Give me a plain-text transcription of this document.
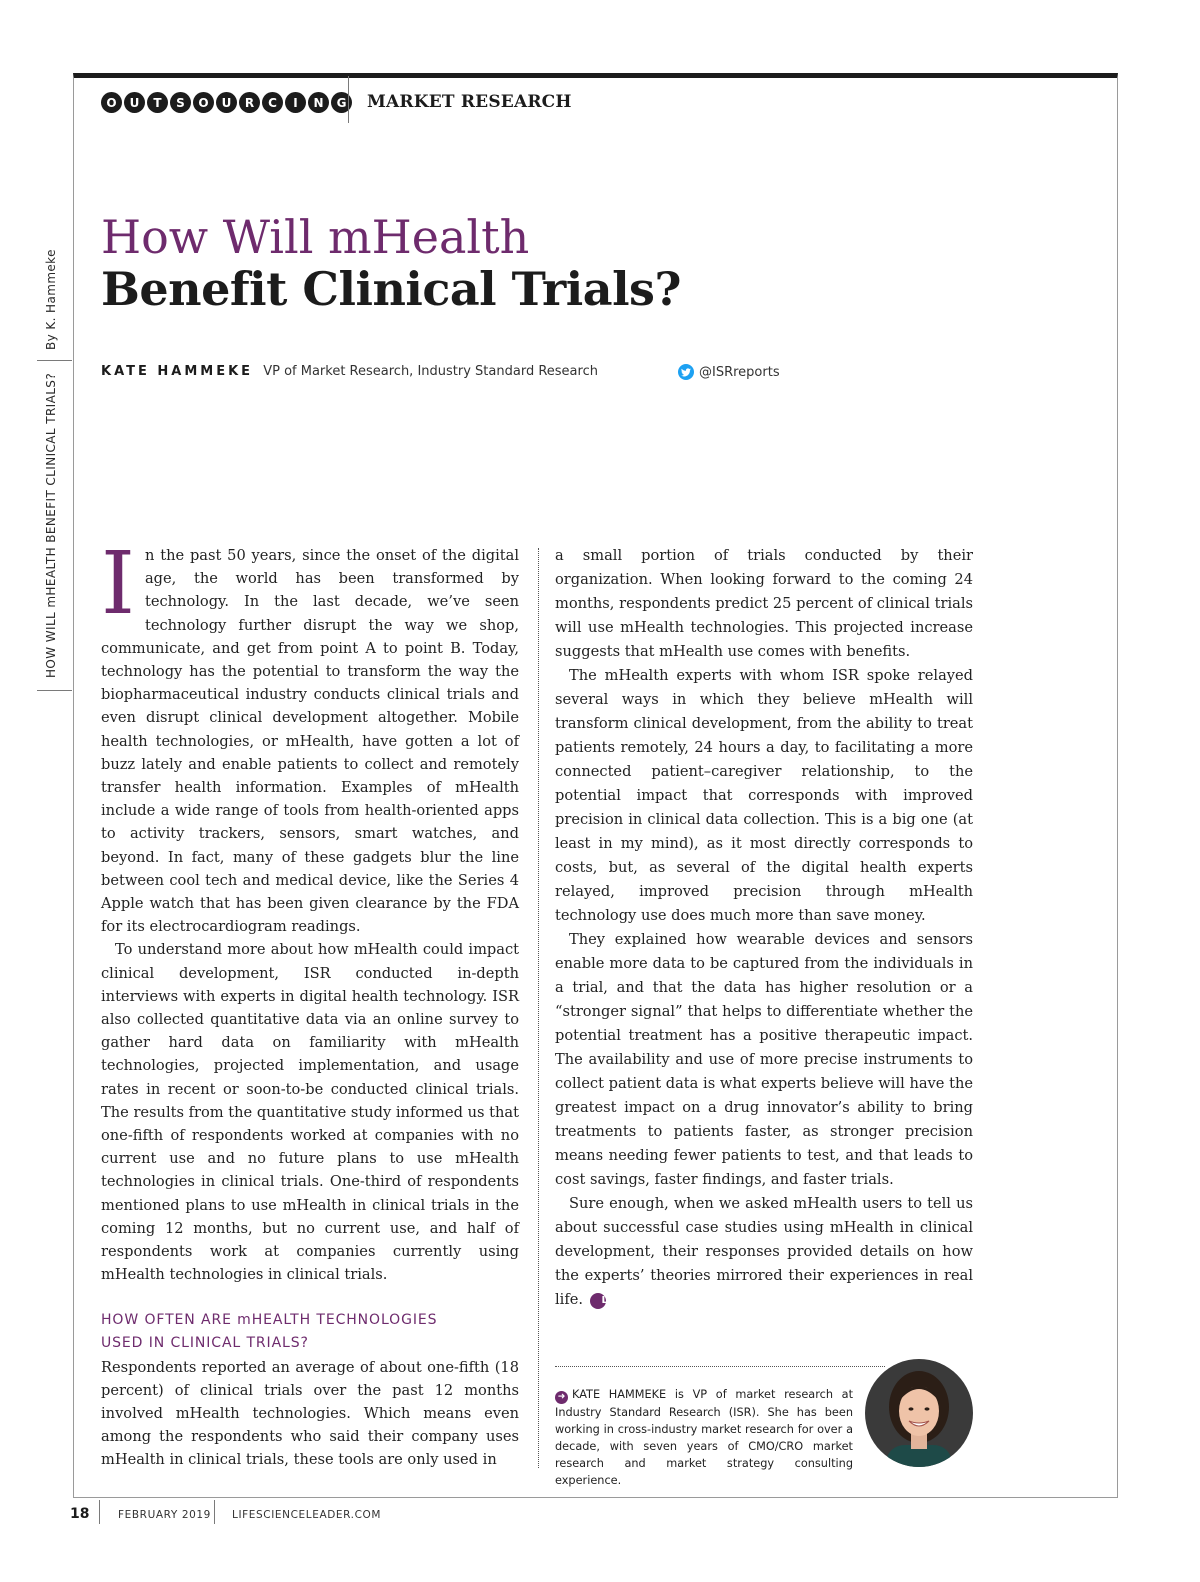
O	U	T	S	O	U	R	C	I	N	G	MARKET RESEARCH
By K. Hammeke
HOW WILL mHEALTH BENEFIT CLINICAL TRIALS?
How Will mHealth
Benefit Clinical Trials?
KATE HAMMEKE VP of Market Research, Industry Standard Research	@ISRreports
I n the past 50 years, since the onset of the digital age, the world has been transformed by technology. In the last decade, we’ve seen technology further disrupt the way we shop, communicate, and get from point A to point B. Today, technology has the potential to transform the way the biopharmaceutical industry conducts clinical trials and even disrupt clinical development altogether. Mobile health technologies, or mHealth, have gotten a lot of buzz lately and enable patients to collect and remotely transfer health information. Examples of mHealth include a wide range of tools from health-oriented apps to activity trackers, sensors, smart watches, and beyond. In fact, many of these gadgets blur the line between cool tech and medical device, like the Series 4 Apple watch that has been given clearance by the FDA for its electrocardiogram readings.

To understand more about how mHealth could impact clinical development, ISR conducted in-depth interviews with experts in digital health technology. ISR also collected quantitative data via an online survey to gather hard data on familiarity with mHealth technologies, projected implementation, and usage rates in recent or soon-to-be conducted clinical trials. The results from the quantitative study informed us that one-fifth of respondents worked at companies with no current use and no future plans to use mHealth technologies in clinical trials. One-third of respondents mentioned plans to use mHealth in clinical trials in the coming 12 months, but no current use, and half of respondents work at companies currently using mHealth technologies in clinical trials.

HOW OFTEN ARE mHEALTH TECHNOLOGIES
USED IN CLINICAL TRIALS?

Respondents reported an average of about one-fifth (18 percent) of clinical trials over the past 12 months involved mHealth technologies. Which means even among the respondents who said their company uses mHealth in clinical trials, these tools are only used in

a small portion of trials conducted by their organization. When looking forward to the coming 24 months, respondents predict 25 percent of clinical trials will use mHealth technologies. This projected increase suggests that mHealth use comes with benefits.

The mHealth experts with whom ISR spoke relayed several ways in which they believe mHealth will transform clinical development, from the ability to treat patients remotely, 24 hours a day, to facilitating a more connected patient–caregiver relationship, to the potential impact that corresponds with improved precision in clinical data collection. This is a big one (at least in my mind), as it most directly corresponds to costs, but, as several of the digital health experts relayed, improved precision through mHealth technology use does much more than save money.

They explained how wearable devices and sensors enable more data to be captured from the individuals in a trial, and that the data has higher resolution or a “stronger signal” that helps to differentiate whether the potential treatment has a positive therapeutic impact. The availability and use of more precise instruments to collect patient data is what experts believe will have the greatest impact on a drug innovator’s ability to bring treatments to patients faster, as stronger precision means needing fewer patients to test, and that leads to cost savings, faster findings, and faster trials.

Sure enough, when we asked mHealth users to tell us about successful case studies using mHealth in clinical development, their responses provided details on how the experts’ theories mirrored their experiences in real life. L

➜ KATE HAMMEKE is VP of market research at Industry Standard Research (ISR). She has been working in cross-industry market research for over a decade, with seven years of CMO/CRO market research and market strategy consulting experience.
18	FEBRUARY 2019 LIFESCIENCELEADER.COM
